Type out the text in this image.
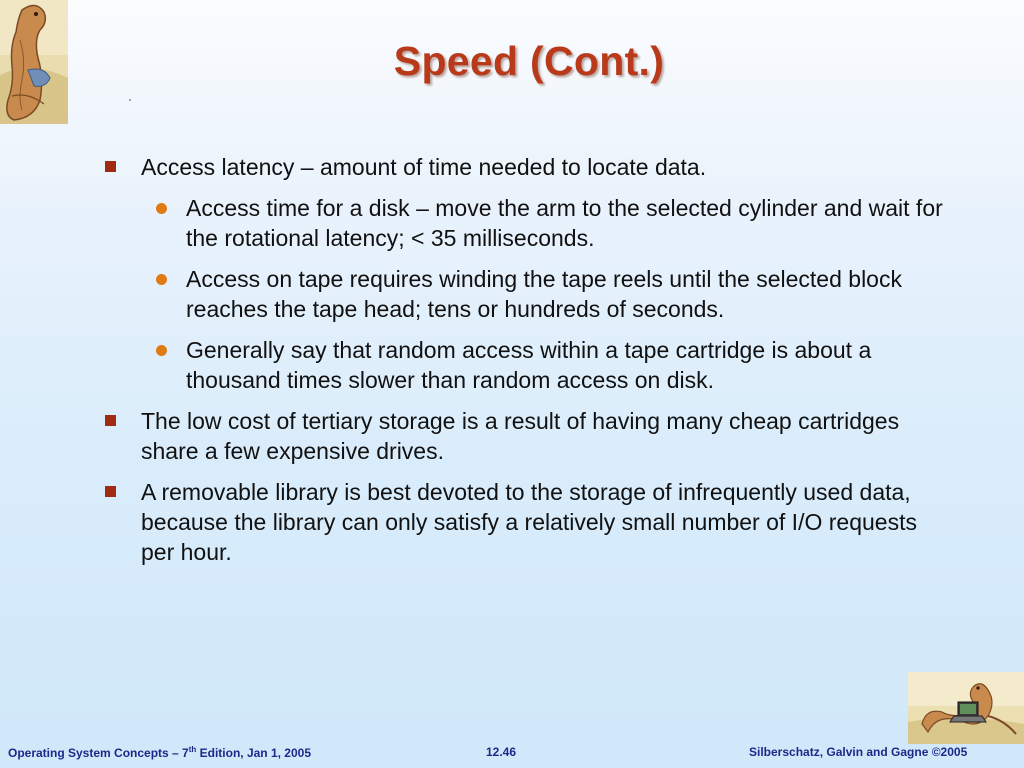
Speed (Cont.)
Access latency – amount of time needed to locate data.
Access time for a disk – move the arm to the selected cylinder and wait for the rotational latency; < 35 milliseconds.
Access on tape requires winding the tape reels until the selected block reaches the tape head; tens or hundreds of seconds.
Generally say that random access within a tape cartridge is about a thousand times slower than random access on disk.
The low cost of tertiary storage is a result of having many cheap cartridges share a few expensive drives.
A removable library is best devoted to the storage of infrequently used data, because the library can only satisfy a relatively small number of I/O requests per hour.
Operating System Concepts – 7th Edition, Jan 1, 2005	12.46	Silberschatz, Galvin and Gagne ©2005
